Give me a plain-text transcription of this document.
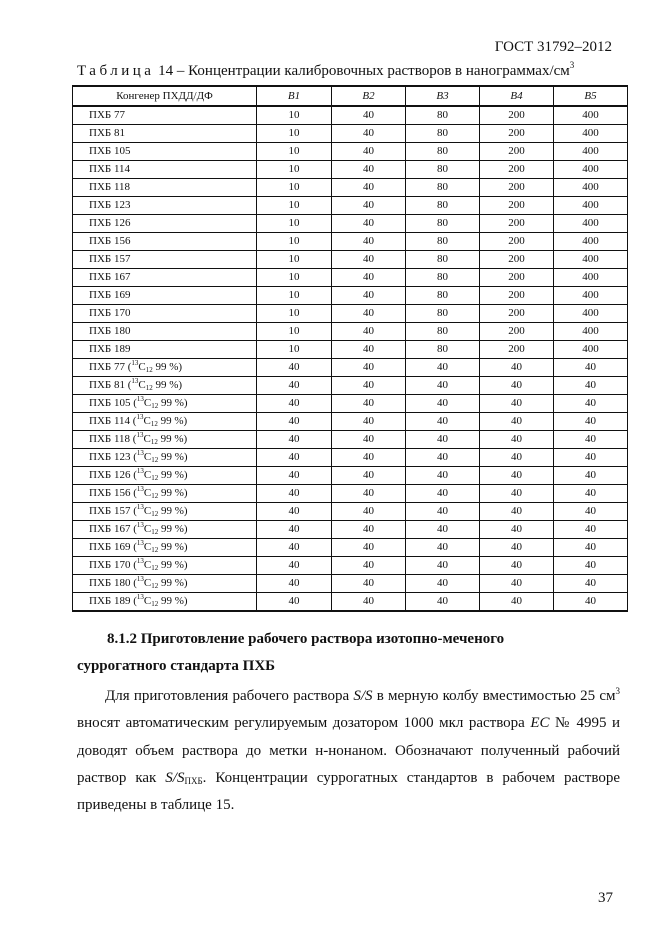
ГОСТ 31792–2012
Таблица 14 – Концентрации калибровочных растворов в нанограммах/$см^3$
Конгенер ПХДД/ДФ	B1	B2	B3	B4	B5
ПХБ 77	10	40	80	200	400
ПХБ 81	10	40	80	200	400
ПХБ 105	10	40	80	200	400
ПХБ 114	10	40	80	200	400
ПХБ 118	10	40	80	200	400
ПХБ 123	10	40	80	200	400
ПХБ 126	10	40	80	200	400
ПХБ 156	10	40	80	200	400
ПХБ 157	10	40	80	200	400
ПХБ 167	10	40	80	200	400
ПХБ 169	10	40	80	200	400
ПХБ 170	10	40	80	200	400
ПХБ 180	10	40	80	200	400
ПХБ 189	10	40	80	200	400
ПХБ 77 ($^{13}C_{12}$ 99 %)	40	40	40	40	40
ПХБ 81 ($^{13}C_{12}$ 99 %)	40	40	40	40	40
ПХБ 105 ($^{13}C_{12}$ 99 %)	40	40	40	40	40
ПХБ 114 ($^{13}C_{12}$ 99 %)	40	40	40	40	40
ПХБ 118 ($^{13}C_{12}$ 99 %)	40	40	40	40	40
ПХБ 123 ($^{13}C_{12}$ 99 %)	40	40	40	40	40
ПХБ 126 ($^{13}C_{12}$ 99 %)	40	40	40	40	40
ПХБ 156 ($^{13}C_{12}$ 99 %)	40	40	40	40	40
ПХБ 157 ($^{13}C_{12}$ 99 %)	40	40	40	40	40
ПХБ 167 ($^{13}C_{12}$ 99 %)	40	40	40	40	40
ПХБ 169 ($^{13}C_{12}$ 99 %)	40	40	40	40	40
ПХБ 170 ($^{13}C_{12}$ 99 %)	40	40	40	40	40
ПХБ 180 ($^{13}C_{12}$ 99 %)	40	40	40	40	40
ПХБ 189 ($^{13}C_{12}$ 99 %)	40	40	40	40	40
8.1.2 Приготовление рабочего раствора изотопно-меченого
суррогатного стандарта ПХБ
Для приготовления рабочего раствора S/S в мерную колбу вместимостью 25 $см^3$ вносят автоматическим регулируемым дозатором 1000 мкл раствора ЕС № 4995 и доводят объем раствора до метки н-нонаном. Обозначают полученный рабочий раствор как $S/S_{ПХБ}$. Концентрации суррогатных стандартов в рабочем растворе приведены в таблице 15.
37
